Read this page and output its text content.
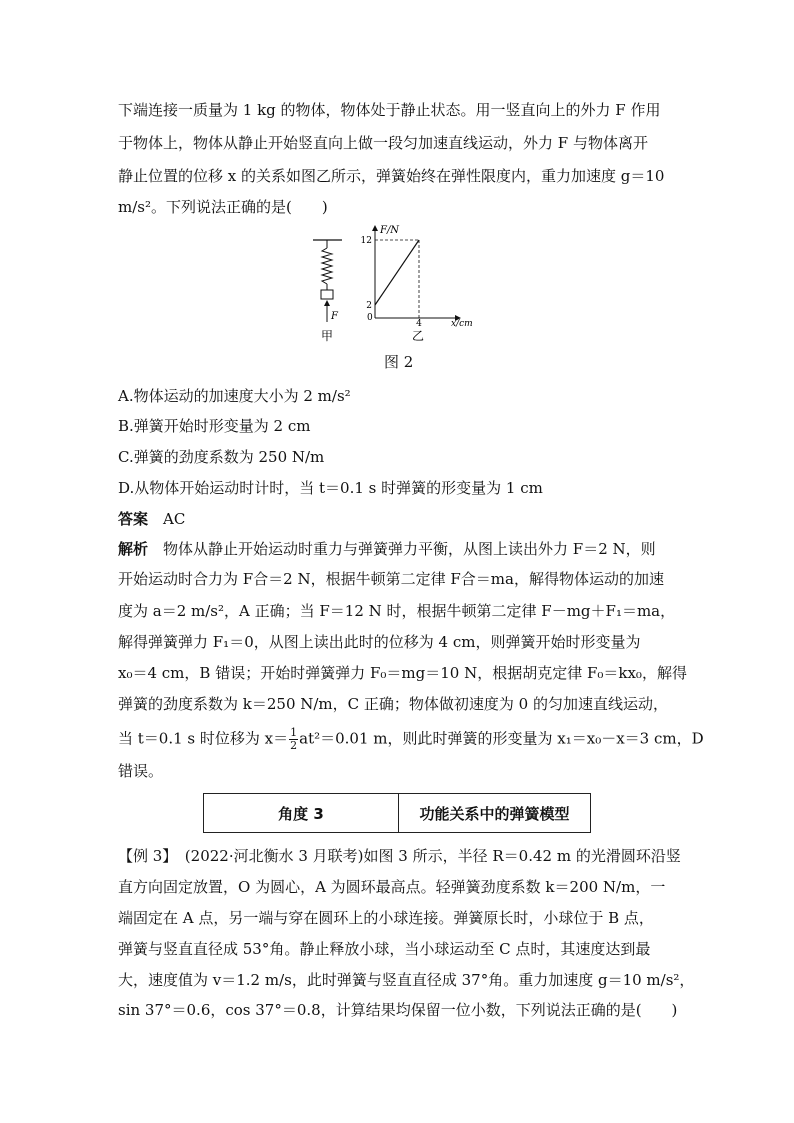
下端连接一质量为 1 kg 的物体，物体处于静止状态。用一竖直向上的外力 F 作用
于物体上，物体从静止开始竖直向上做一段匀加速直线运动，外力 F 与物体离开
静止位置的位移 x 的关系如图乙所示，弹簧始终在弹性限度内，重力加速度 g＝10
m/s²。下列说法正确的是(　　)
F
甲
F/N
x/cm
0
12
2
4
乙
图 2
A.物体运动的加速度大小为 2 m/s²
B.弹簧开始时形变量为 2 cm
C.弹簧的劲度系数为 250 N/m
D.从物体开始运动时计时，当 t＝0.1 s 时弹簧的形变量为 1 cm
答案　 AC
解析　 物体从静止开始运动时重力与弹簧弹力平衡，从图上读出外力 F＝2 N，则
开始运动时合力为 F合＝2 N，根据牛顿第二定律 F合＝ma，解得物体运动的加速
度为 a＝2 m/s²，A 正确；当 F＝12 N 时，根据牛顿第二定律 F－mg＋F₁＝ma，
解得弹簧弹力 F₁＝0，从图上读出此时的位移为 4 cm，则弹簧开始时形变量为
x₀＝4 cm，B 错误；开始时弹簧弹力 F₀＝mg＝10 N，根据胡克定律 F₀＝kx₀，解得
弹簧的劲度系数为 k＝250 N/m，C 正确；物体做初速度为 0 的匀加速直线运动，
当 t＝0.1 s 时位移为 $x= \frac{1}{2} at^2=0.01$ m，则此时弹簧的形变量为 x₁＝x₀－x＝3 cm，D
错误。
角度 3	功能关系中的弹簧模型
【例 3】　(2022·河北衡水 3 月联考)如图 3 所示，半径 R＝0.42 m 的光滑圆环沿竖
直方向固定放置，O 为圆心，A 为圆环最高点。轻弹簧劲度系数 k＝200 N/m，一
端固定在 A 点，另一端与穿在圆环上的小球连接。弹簧原长时，小球位于 B 点，
弹簧与竖直直径成 53°角。静止释放小球，当小球运动至 C 点时，其速度达到最
大，速度值为 v＝1.2 m/s，此时弹簧与竖直直径成 37°角。重力加速度 g＝10 m/s²，
sin 37°＝0.6，cos 37°＝0.8，计算结果均保留一位小数，下列说法正确的是(　　)
